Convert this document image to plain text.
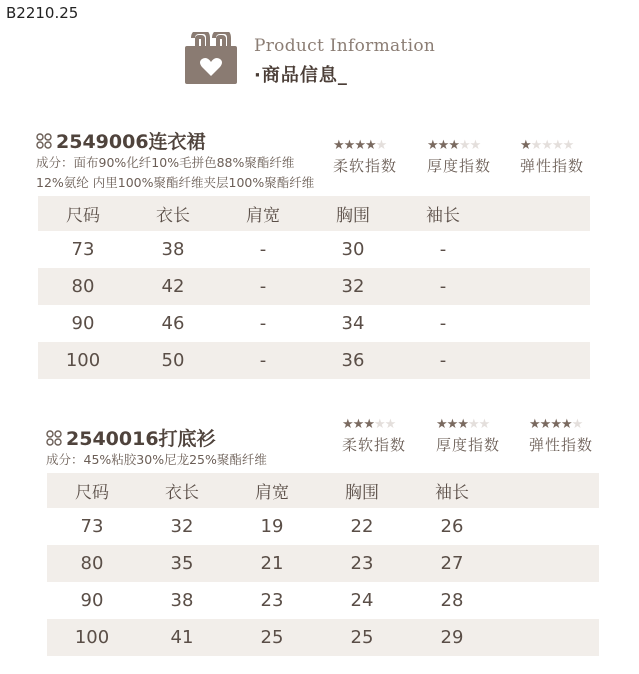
B2210.25
Product Information
·商品信息_
2549006连衣裙
成分：面布90%化纤10%毛拼色88%聚酯纤维
12%氨纶 内里100%聚酯纤维夹层100%聚酯纤维
★★★★★
柔软指数
★★★★★
厚度指数
★★★★★
弹性指数
尺码	衣长	肩宽	胸围	袖长	
73	38	-	30	-	
80	42	-	32	-	
90	46	-	34	-	
100	50	-	36	-	
2540016打底衫
成分：45%粘胶30%尼龙25%聚酯纤维
★★★★★
柔软指数
★★★★★
厚度指数
★★★★★
弹性指数
尺码	衣长	肩宽	胸围	袖长	
73	32	19	22	26	
80	35	21	23	27	
90	38	23	24	28	
100	41	25	25	29	
